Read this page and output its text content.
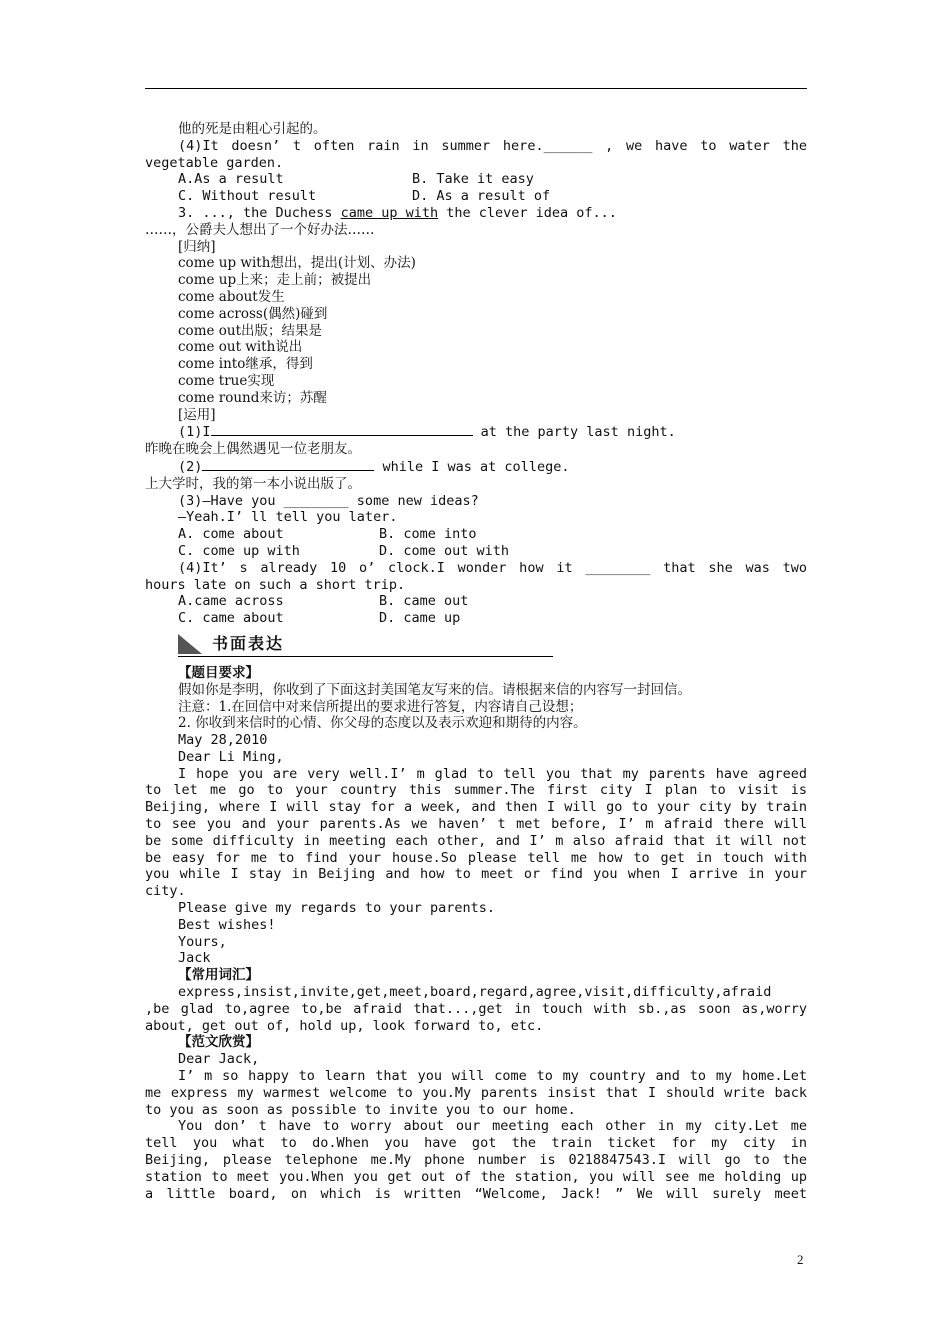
他的死是由粗心引起的。
(4)It doesn’ t often rain in summer here.______ , we have to water the
vegetable garden.
A.As a result	B. Take it easy
C. Without result	D. As a result of
3. ..., the Duchess came up with the clever idea of...
……，公爵夫人想出了一个好办法……
[归纳]
come up with想出，提出(计划、办法)
come up上来；走上前；被提出
come about发生
come across(偶然)碰到
come out出版；结果是
come out with说出
come into继承，得到
come true实现
come round来访；苏醒
[运用]
(1)I	at the party last night.
昨晚在晚会上偶然遇见一位老朋友。
(2)	while I was at college.
上大学时，我的第一本小说出版了。
(3)—Have you ________ some new ideas?
—Yeah.I’ ll tell you later.
A. come about	B. come into
C. come up with	D. come out with
(4)It’ s already 10 o’ clock.I wonder how it ________ that she was two
hours late on such a short trip.
A.came across	B. came out
C. came about	D. came up
书面表达
【题目要求】
假如你是李明，你收到了下面这封美国笔友写来的信。请根据来信的内容写一封回信。
注意：1.在回信中对来信所提出的要求进行答复，内容请自己设想；
2. 你收到来信时的心情、你父母的态度以及表示欢迎和期待的内容。
May 28,2010
Dear Li Ming,
I hope you are very well.I’ m glad to tell you that my parents have agreed
to let me go to your country this summer.The first city I plan to visit is
Beijing, where I will stay for a week, and then I will go to your city by train
to see you and your parents.As we haven’ t met before, I’ m afraid there will
be some difficulty in meeting each other, and I’ m also afraid that it will not
be easy for me to find your house.So please tell me how to get in touch with
you while I stay in Beijing and how to meet or find you when I arrive in your
city.
Please give my regards to your parents.
Best wishes!
Yours,
Jack
【常用词汇】
express,insist,invite,get,meet,board,regard,agree,visit,difficulty,afraid
,be glad to,agree to,be afraid that...,get in touch with sb.,as soon as,worry
about, get out of, hold up, look forward to, etc.
【范文欣赏】
Dear Jack,
I’ m so happy to learn that you will come to my country and to my home.Let
me express my warmest welcome to you.My parents insist that I should write back
to you as soon as possible to invite you to our home.
You don’ t have to worry about our meeting each other in my city.Let me
tell you what to do.When you have got the train ticket for my city in
Beijing, please telephone me.My phone number is 0218847543.I will go to the
station to meet you.When you get out of the station, you will see me holding up
a little board, on which is written “Welcome, Jack! ” We will surely meet
2
